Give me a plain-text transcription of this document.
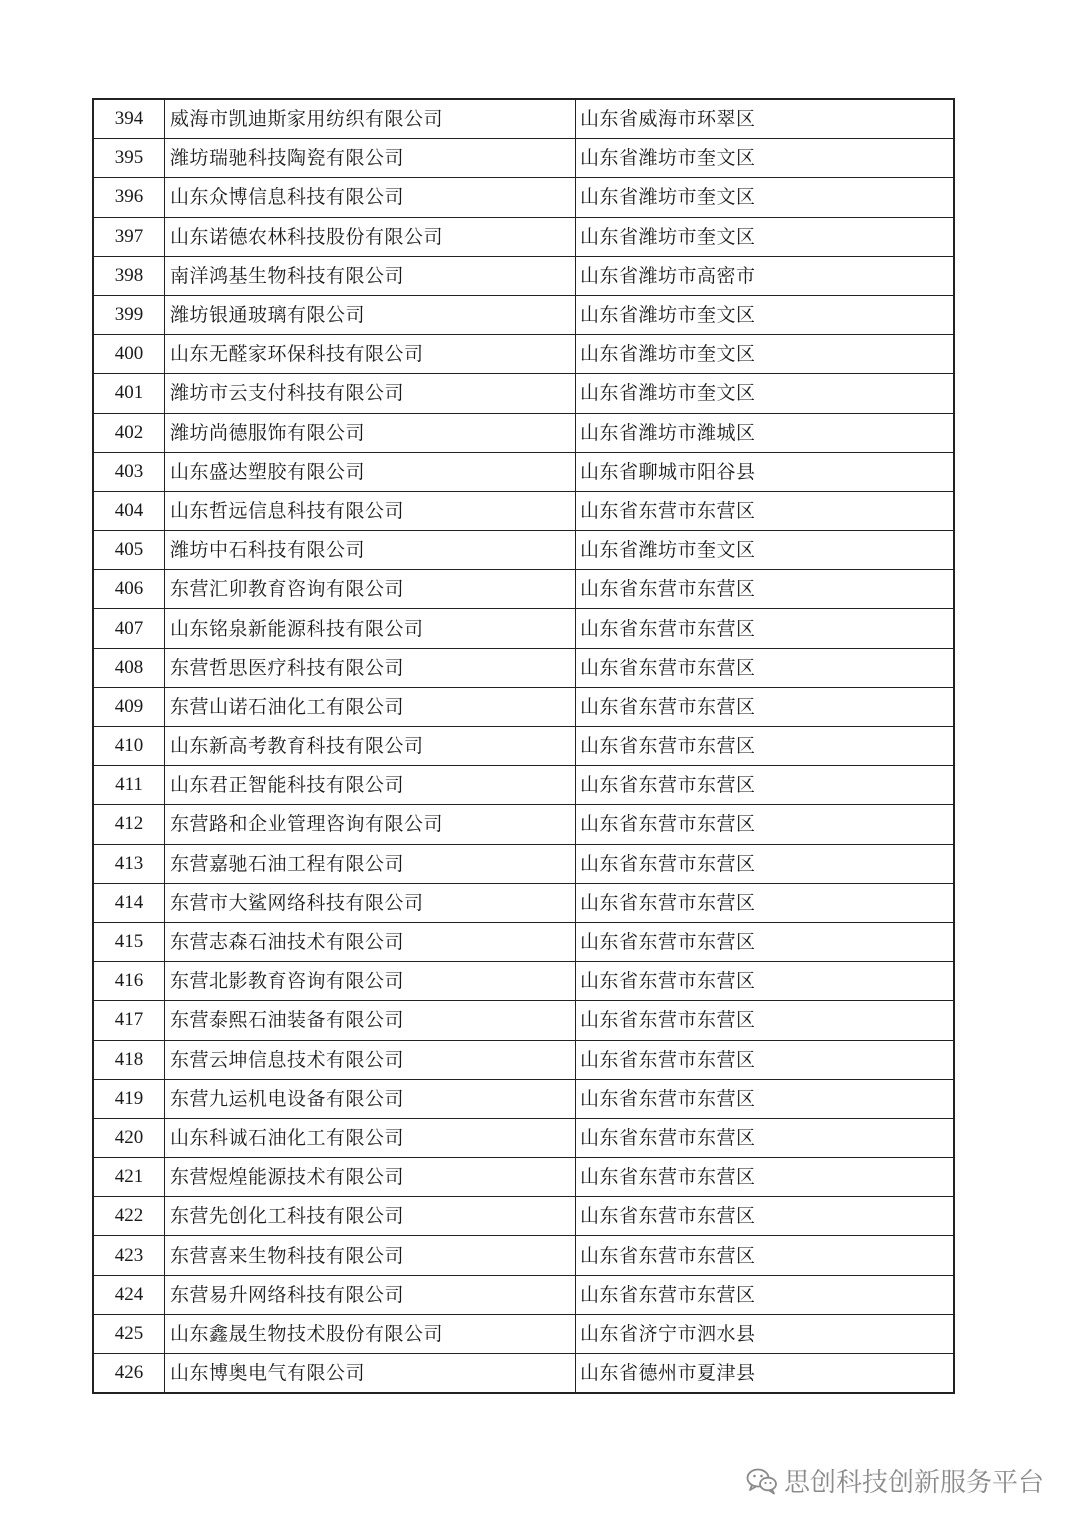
394	威海市凯迪斯家用纺织有限公司	山东省威海市环翠区
395	潍坊瑞驰科技陶瓷有限公司	山东省潍坊市奎文区
396	山东众博信息科技有限公司	山东省潍坊市奎文区
397	山东诺德农林科技股份有限公司	山东省潍坊市奎文区
398	南洋鸿基生物科技有限公司	山东省潍坊市高密市
399	潍坊银通玻璃有限公司	山东省潍坊市奎文区
400	山东无醛家环保科技有限公司	山东省潍坊市奎文区
401	潍坊市云支付科技有限公司	山东省潍坊市奎文区
402	潍坊尚德服饰有限公司	山东省潍坊市潍城区
403	山东盛达塑胶有限公司	山东省聊城市阳谷县
404	山东哲远信息科技有限公司	山东省东营市东营区
405	潍坊中石科技有限公司	山东省潍坊市奎文区
406	东营汇卯教育咨询有限公司	山东省东营市东营区
407	山东铭泉新能源科技有限公司	山东省东营市东营区
408	东营哲思医疗科技有限公司	山东省东营市东营区
409	东营山诺石油化工有限公司	山东省东营市东营区
410	山东新高考教育科技有限公司	山东省东营市东营区
411	山东君正智能科技有限公司	山东省东营市东营区
412	东营路和企业管理咨询有限公司	山东省东营市东营区
413	东营嘉驰石油工程有限公司	山东省东营市东营区
414	东营市大鲨网络科技有限公司	山东省东营市东营区
415	东营志森石油技术有限公司	山东省东营市东营区
416	东营北影教育咨询有限公司	山东省东营市东营区
417	东营泰熙石油装备有限公司	山东省东营市东营区
418	东营云坤信息技术有限公司	山东省东营市东营区
419	东营九运机电设备有限公司	山东省东营市东营区
420	山东科诚石油化工有限公司	山东省东营市东营区
421	东营煜煌能源技术有限公司	山东省东营市东营区
422	东营先创化工科技有限公司	山东省东营市东营区
423	东营喜来生物科技有限公司	山东省东营市东营区
424	东营易升网络科技有限公司	山东省东营市东营区
425	山东鑫晟生物技术股份有限公司	山东省济宁市泗水县
426	山东博奥电气有限公司	山东省德州市夏津县
思创科技创新服务平台
